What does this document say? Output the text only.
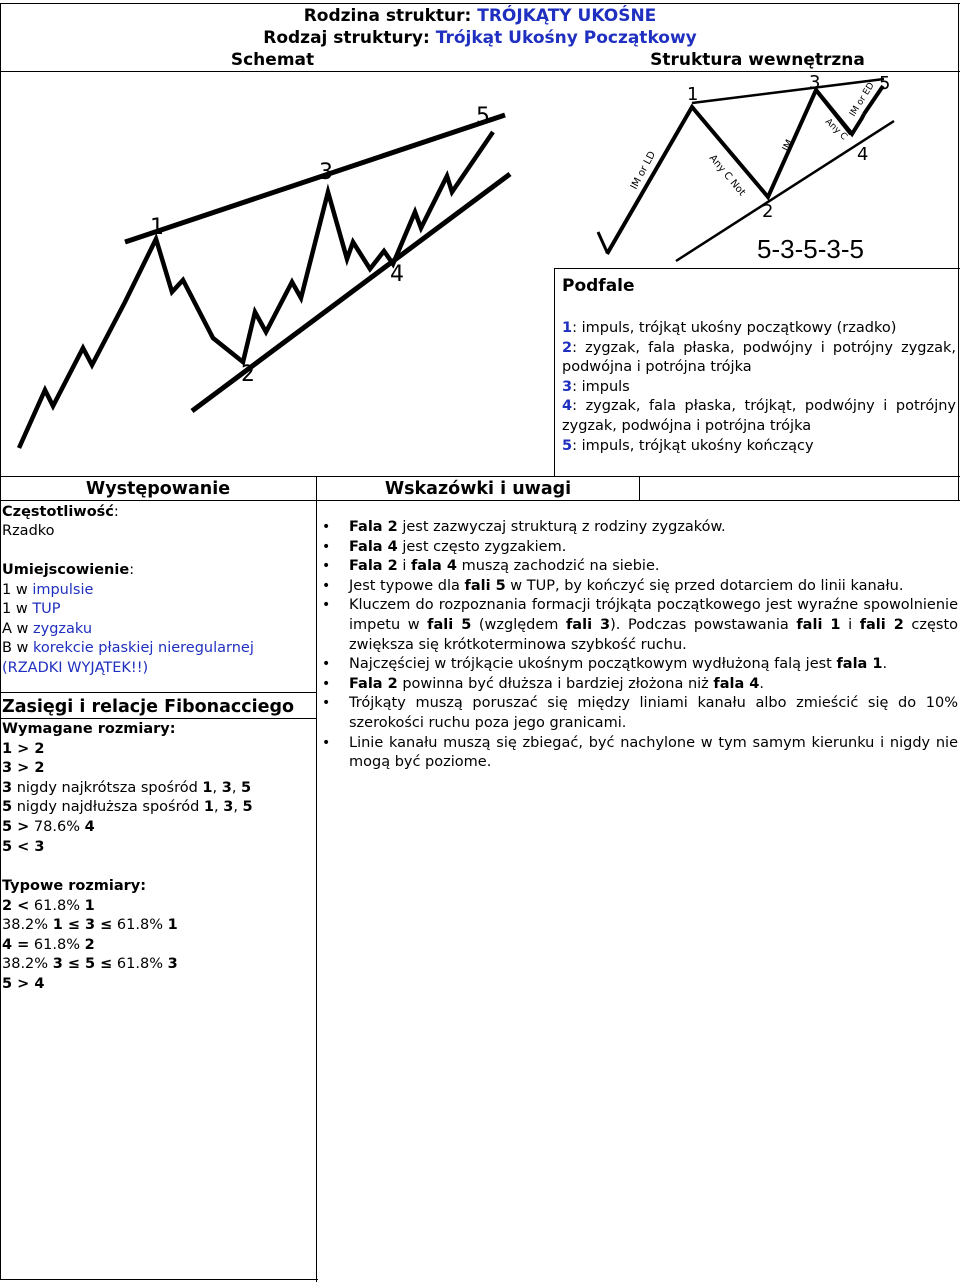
Rodzina struktur: TRÓJKĄTY UKOŚNE
Rodzaj struktury: Trójkąt Ukośny Początkowy
Schemat	Struktura wewnętrzna
1
2
3
4
5
1
2
3
4
5
IM or LD	Any C Not
IM
Any C
IM or ED
5-3-5-3-5
Podfale
1: impuls, trójkąt ukośny początkowy (rzadko)
2: zygzak, fala płaska, podwójny i potrójny zygzak, podwójna i potrójna trójka
3: impuls
4: zygzak, fala płaska, trójkąt, podwójny i potrójny zygzak, podwójna i potrójna trójka
5: impuls, trójkąt ukośny kończący
Występowanie
Częstotliwość:
Rzadko
Umiejscowienie:
1 w impulsie
1 w TUP
A w zygzaku
B w korekcie płaskiej nieregularnej
(RZADKI WYJĄTEK!!)
Zasięgi i relacje Fibonacciego
Wymagane rozmiary:
1 > 2
3 > 2
3 nigdy najkrótsza spośród 1, 3, 5
5 nigdy najdłuższa spośród 1, 3, 5
5 > 78.6% 4
5 < 3
Typowe rozmiary:
2 < 61.8% 1
38.2% 1 ≤ 3 ≤ 61.8% 1
4 = 61.8% 2
38.2% 3 ≤ 5 ≤ 61.8% 3
5 > 4
Wskazówki i uwagi
• Fala 2 jest zazwyczaj strukturą z rodziny zygzaków.
• Fala 4 jest często zygzakiem.
• Fala 2 i fala 4 muszą zachodzić na siebie.
• Jest typowe dla fali 5 w TUP, by kończyć się przed dotarciem do linii kanału.
• Kluczem do rozpoznania formacji trójkąta początkowego jest wyraźne spowolnienie impetu w fali 5 (względem fali 3). Podczas powstawania fali 1 i fali 2 często zwiększa się krótkoterminowa szybkość ruchu.
• Najczęściej w trójkącie ukośnym początkowym wydłużoną falą jest fala 1.
• Fala 2 powinna być dłuższa i bardziej złożona niż fala 4.
• Trójkąty muszą poruszać się między liniami kanału albo zmieścić się do 10% szerokości ruchu poza jego granicami.
• Linie kanału muszą się zbiegać, być nachylone w tym samym kierunku i nigdy nie mogą być poziome.
